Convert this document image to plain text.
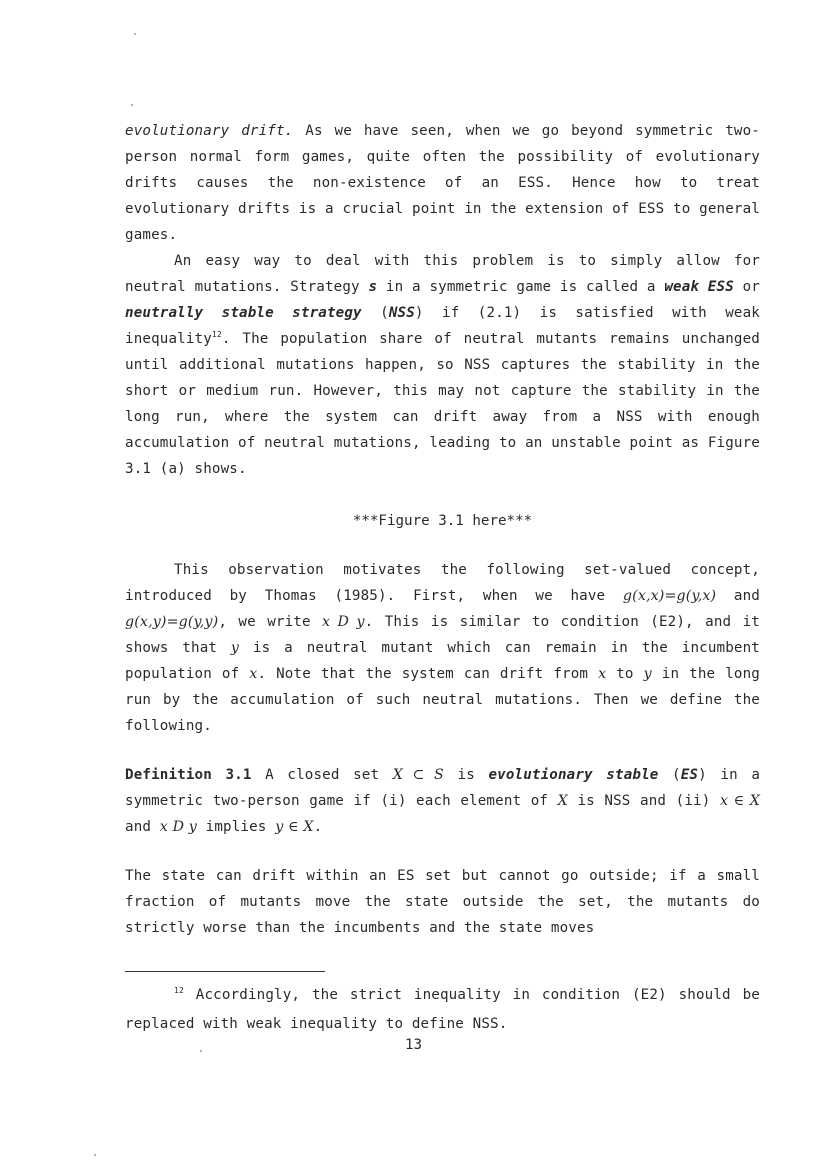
evolutionary drift. As we have seen, when we go beyond symmetric two-person normal form games, quite often the possibility of evolutionary drifts causes the non-existence of an ESS. Hence how to treat evolutionary drifts is a crucial point in the extension of ESS to general games.

An easy way to deal with this problem is to simply allow for neutral mutations. Strategy s in a symmetric game is called a weak ESS or neutrally stable strategy (NSS) if (2.1) is satisfied with weak inequality$^{12}$. The population share of neutral mutants remains unchanged until additional mutations happen, so NSS captures the stability in the short or medium run. However, this may not capture the stability in the long run, where the system can drift away from a NSS with enough accumulation of neutral mutations, leading to an unstable point as Figure 3.1 (a) shows.

***Figure 3.1 here***

This observation motivates the following set-valued concept, introduced by Thomas (1985). First, when we have g(x,x)=g(y,x) and g(x,y)=g(y,y), we write x D y. This is similar to condition (E2), and it shows that y is a neutral mutant which can remain in the incumbent population of x. Note that the system can drift from x to y in the long run by the accumulation of such neutral mutations. Then we define the following.

Definition 3.1 A closed set X ⊂ S is evolutionary stable (ES) in a symmetric two-person game if (i) each element of X is NSS and (ii) x ∈ X and x D y implies y ∈ X.

The state can drift within an ES set but cannot go outside; if a small fraction of mutants move the state outside the set, the mutants do strictly worse than the incumbents and the state moves

$^{12}$ Accordingly, the strict inequality in condition (E2) should be replaced with weak inequality to define NSS.

13
